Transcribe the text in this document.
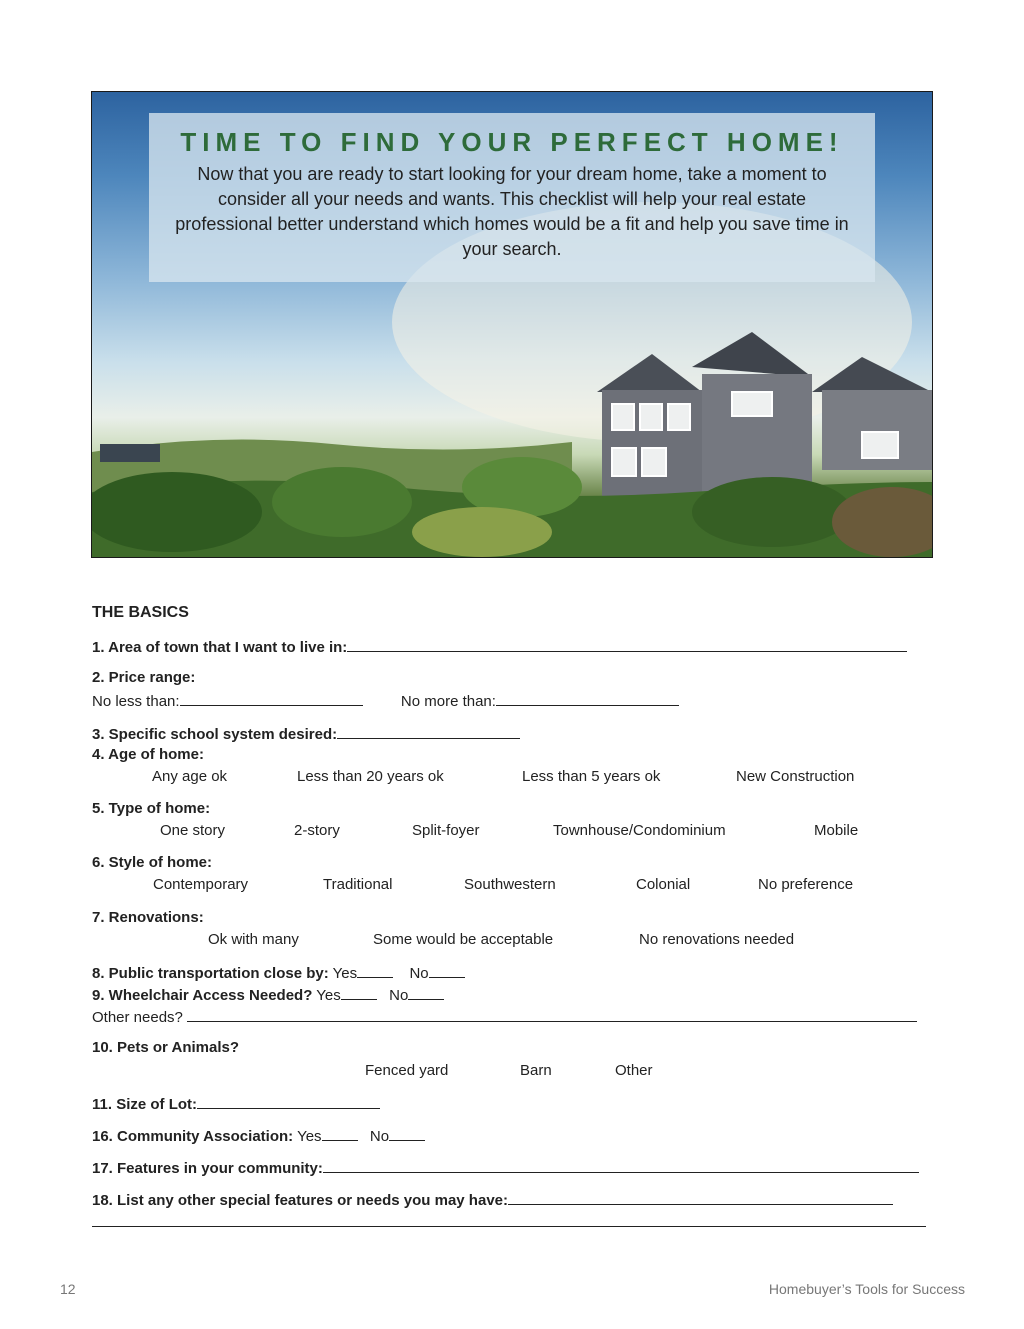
TIME TO FIND YOUR PERFECT HOME!
Now that you are ready to start looking for your dream home, take a moment to consider all your needs and wants. This checklist will help your real estate professional better understand which homes would be a fit and help you save time in your search.
THE BASICS
1. Area of town that I want to live in:
2. Price range:
No less than:	No more than:
3. Specific school system desired:
4. Age of home:
Any age ok	Less than 20 years ok	Less than 5 years ok	New Construction
5. Type of home:
One story	2-story	Split-foyer	Townhouse/Condominium	Mobile
6. Style of home:
Contemporary	Traditional	Southwestern	Colonial	No preference
7. Renovations:
Ok with many	Some would be acceptable	No renovations needed
8. Public transportation close by: Yes	No
9. Wheelchair Access Needed? Yes	No
Other needs?
10. Pets or Animals?
Fenced yard	Barn	Other
11. Size of Lot:
16. Community Association: Yes	No
17. Features in your community:
18. List any other special features or needs you may have:
12	Homebuyer’s Tools for Success
